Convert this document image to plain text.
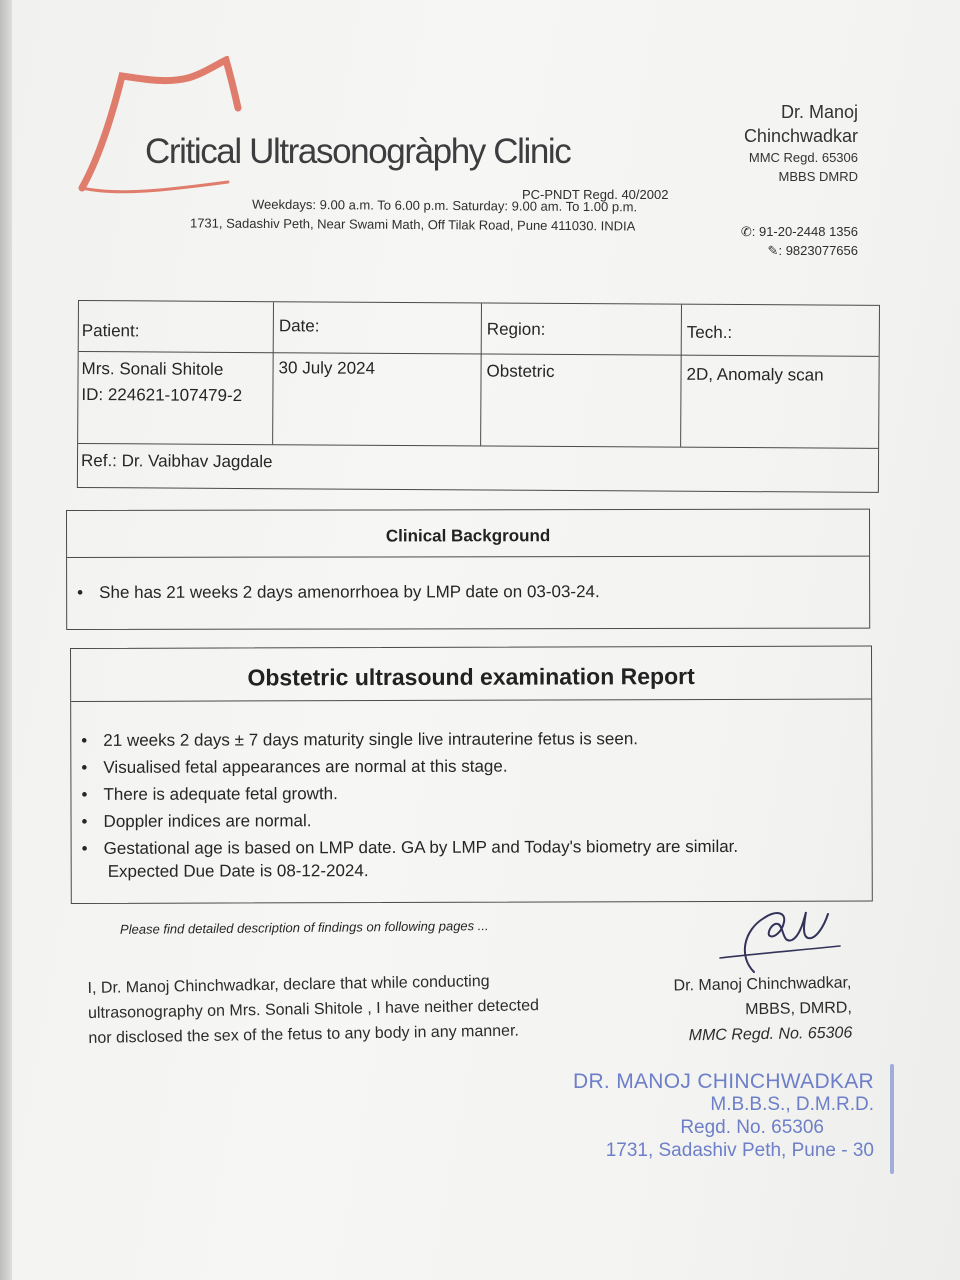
Critical Ultrasonogràphy Clinic
PC-PNDT Regd. 40/2002
Weekdays: 9.00 a.m. To 6.00 p.m. Saturday: 9.00 am. To 1.00 p.m.
1731, Sadashiv Peth, Near Swami Math, Off Tilak Road, Pune 411030. INDIA
Dr. Manoj
Chinchwadkar
MMC Regd. 65306
MBBS DMRD
✆: 91-20-2448 1356
✎: 9823077656
Patient:	Date:	Region:	Tech.:
Mrs. Sonali Shitole
ID: 224621-107479-2
30 July 2024	Obstetric	2D, Anomaly scan
Ref.: Dr. Vaibhav Jagdale
Clinical Background
• She has 21 weeks 2 days amenorrhoea by LMP date on 03-03-24.
Obstetric ultrasound examination Report
• 21 weeks 2 days ± 7 days maturity single live intrauterine fetus is seen.
• Visualised fetal appearances are normal at this stage.
• There is adequate fetal growth.
• Doppler indices are normal.
• Gestational age is based on LMP date. GA by LMP and Today's biometry are similar.
Expected Due Date is 08-12-2024.
Please find detailed description of findings on following pages ...
I, Dr. Manoj Chinchwadkar, declare that while conducting ultrasonography on Mrs. Sonali Shitole , I have neither detected nor disclosed the sex of the fetus to any body in any manner.
Dr. Manoj Chinchwadkar,
MBBS, DMRD,
MMC Regd. No. 65306
DR. MANOJ CHINCHWADKAR
M.B.B.S., D.M.R.D.
Regd. No. 65306
1731, Sadashiv Peth, Pune - 30
